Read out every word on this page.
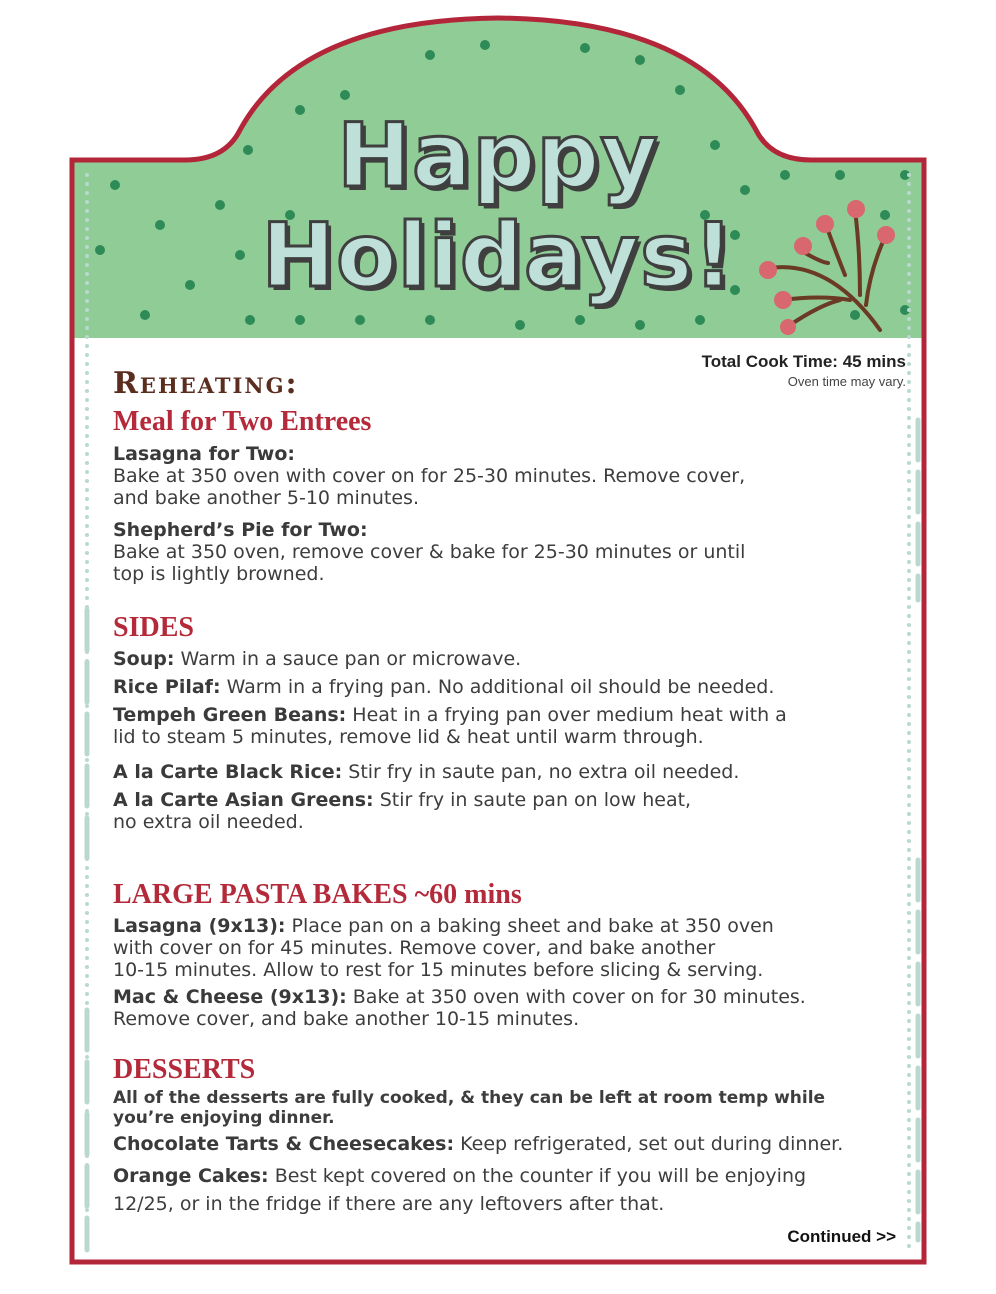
Happy
Holidays!
Total Cook Time: 45 mins
Oven time may vary.
Reheating:
Meal for Two Entrees

Lasagna for Two:
Bake at 350 oven with cover on for 25-30 minutes. Remove cover,
and bake another 5-10 minutes.

Shepherd’s Pie for Two:
Bake at 350 oven, remove cover & bake for 25-30 minutes or until
top is lightly browned.

SIDES

Soup: Warm in a sauce pan or microwave.

Rice Pilaf: Warm in a frying pan. No additional oil should be needed.

Tempeh Green Beans: Heat in a frying pan over medium heat with a
lid to steam 5 minutes, remove lid & heat until warm through.

A la Carte Black Rice: Stir fry in saute pan, no extra oil needed.

A la Carte Asian Greens: Stir fry in saute pan on low heat,
no extra oil needed.

LARGE PASTA BAKES ~60 mins

Lasagna (9x13): Place pan on a baking sheet and bake at 350 oven
with cover on for 45 minutes. Remove cover, and bake another
10-15 minutes. Allow to rest for 15 minutes before slicing & serving.

Mac & Cheese (9x13): Bake at 350 oven with cover on for 30 minutes.
Remove cover, and bake another 10-15 minutes.

DESSERTS

All of the desserts are fully cooked, & they can be left at room temp while
you’re enjoying dinner.

Chocolate Tarts & Cheesecakes: Keep refrigerated, set out during dinner.

Orange Cakes: Best kept covered on the counter if you will be enjoying
12/25, or in the fridge if there are any leftovers after that.

Continued >>
